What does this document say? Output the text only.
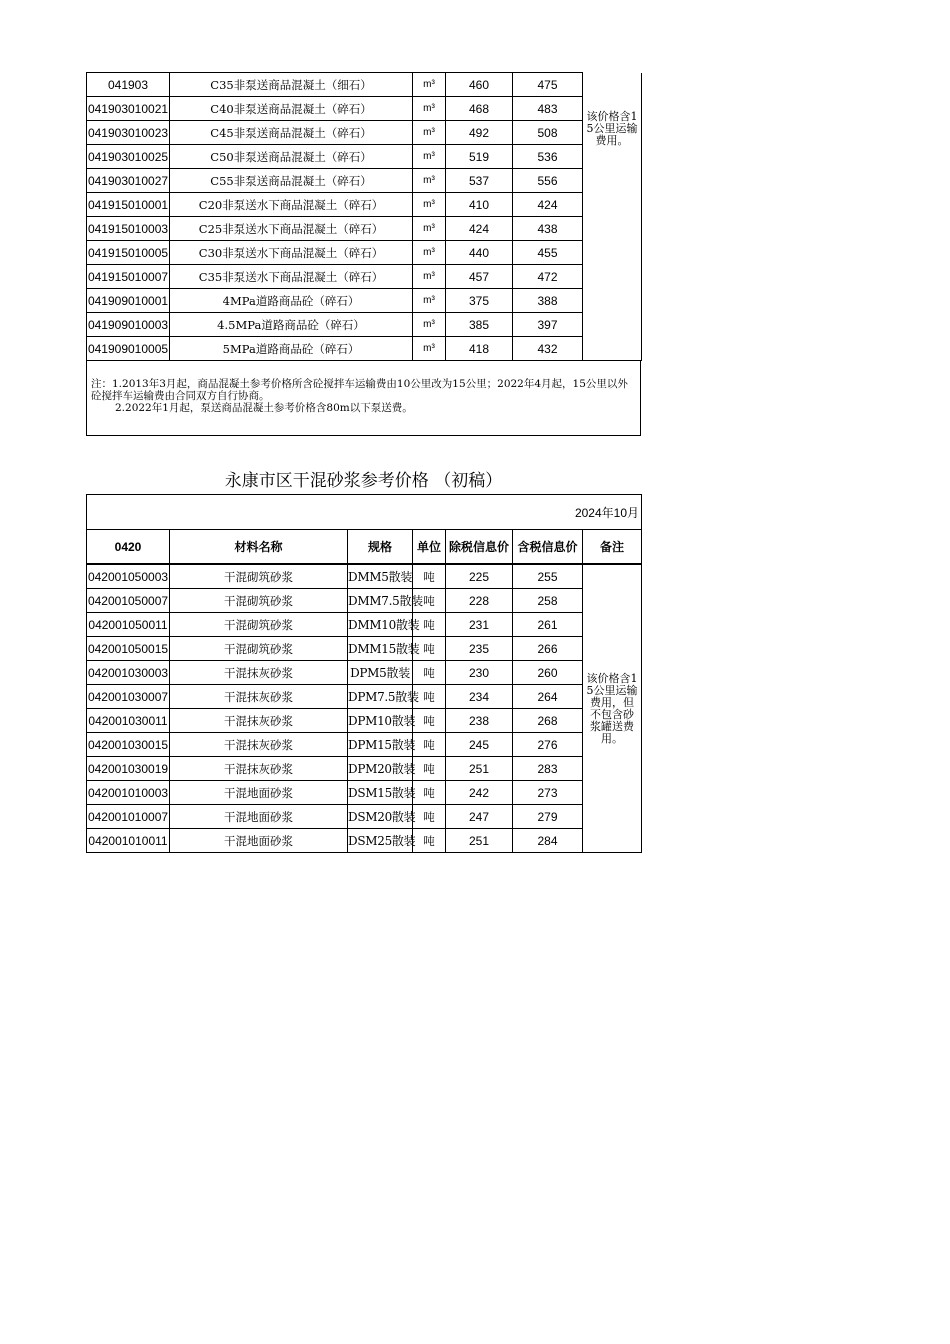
041903	C35非泵送商品混凝土（细石）	m³	460	475	该价格含15公里运输费用。
041903010021	C40非泵送商品混凝土（碎石）	m³	468	483	
041903010023	C45非泵送商品混凝土（碎石）	m³	492	508	
041903010025	C50非泵送商品混凝土（碎石）	m³	519	536	
041903010027	C55非泵送商品混凝土（碎石）	m³	537	556	
041915010001	C20非泵送水下商品混凝土（碎石）	m³	410	424	
041915010003	C25非泵送水下商品混凝土（碎石）	m³	424	438	
041915010005	C30非泵送水下商品混凝土（碎石）	m³	440	455	
041915010007	C35非泵送水下商品混凝土（碎石）	m³	457	472	
041909010001	4MPa道路商品砼（碎石）	m³	375	388	
041909010003	4.5MPa道路商品砼（碎石）	m³	385	397	
041909010005	5MPa道路商品砼（碎石）	m³	418	432	

注：1.2013年3月起，商品混凝土参考价格所含砼搅拌车运输费由10公里改为15公里；2022年4月起，15公里以外砼搅拌车运输费由合同双方自行协商。

2.2022年1月起，泵送商品混凝土参考价格含80m以下泵送费。

永康市区干混砂浆参考价格 （初稿）
2024年10月						
0420	材料名称	规格	单位	除税信息价	含税信息价	备注
042001050003	干混砌筑砂浆	DMM5散装	吨	225	255	该价格含15公里运输费用，但不包含砂浆罐送费用。
042001050007	干混砌筑砂浆	DMM7.5散装	吨	228	258	
042001050011	干混砌筑砂浆	DMM10散装	吨	231	261	
042001050015	干混砌筑砂浆	DMM15散装	吨	235	266	
042001030003	干混抹灰砂浆	DPM5散装	吨	230	260	
042001030007	干混抹灰砂浆	DPM7.5散装	吨	234	264	
042001030011	干混抹灰砂浆	DPM10散装	吨	238	268	
042001030015	干混抹灰砂浆	DPM15散装	吨	245	276	
042001030019	干混抹灰砂浆	DPM20散装	吨	251	283	
042001010003	干混地面砂浆	DSM15散装	吨	242	273	
042001010007	干混地面砂浆	DSM20散装	吨	247	279	
042001010011	干混地面砂浆	DSM25散装	吨	251	284	
